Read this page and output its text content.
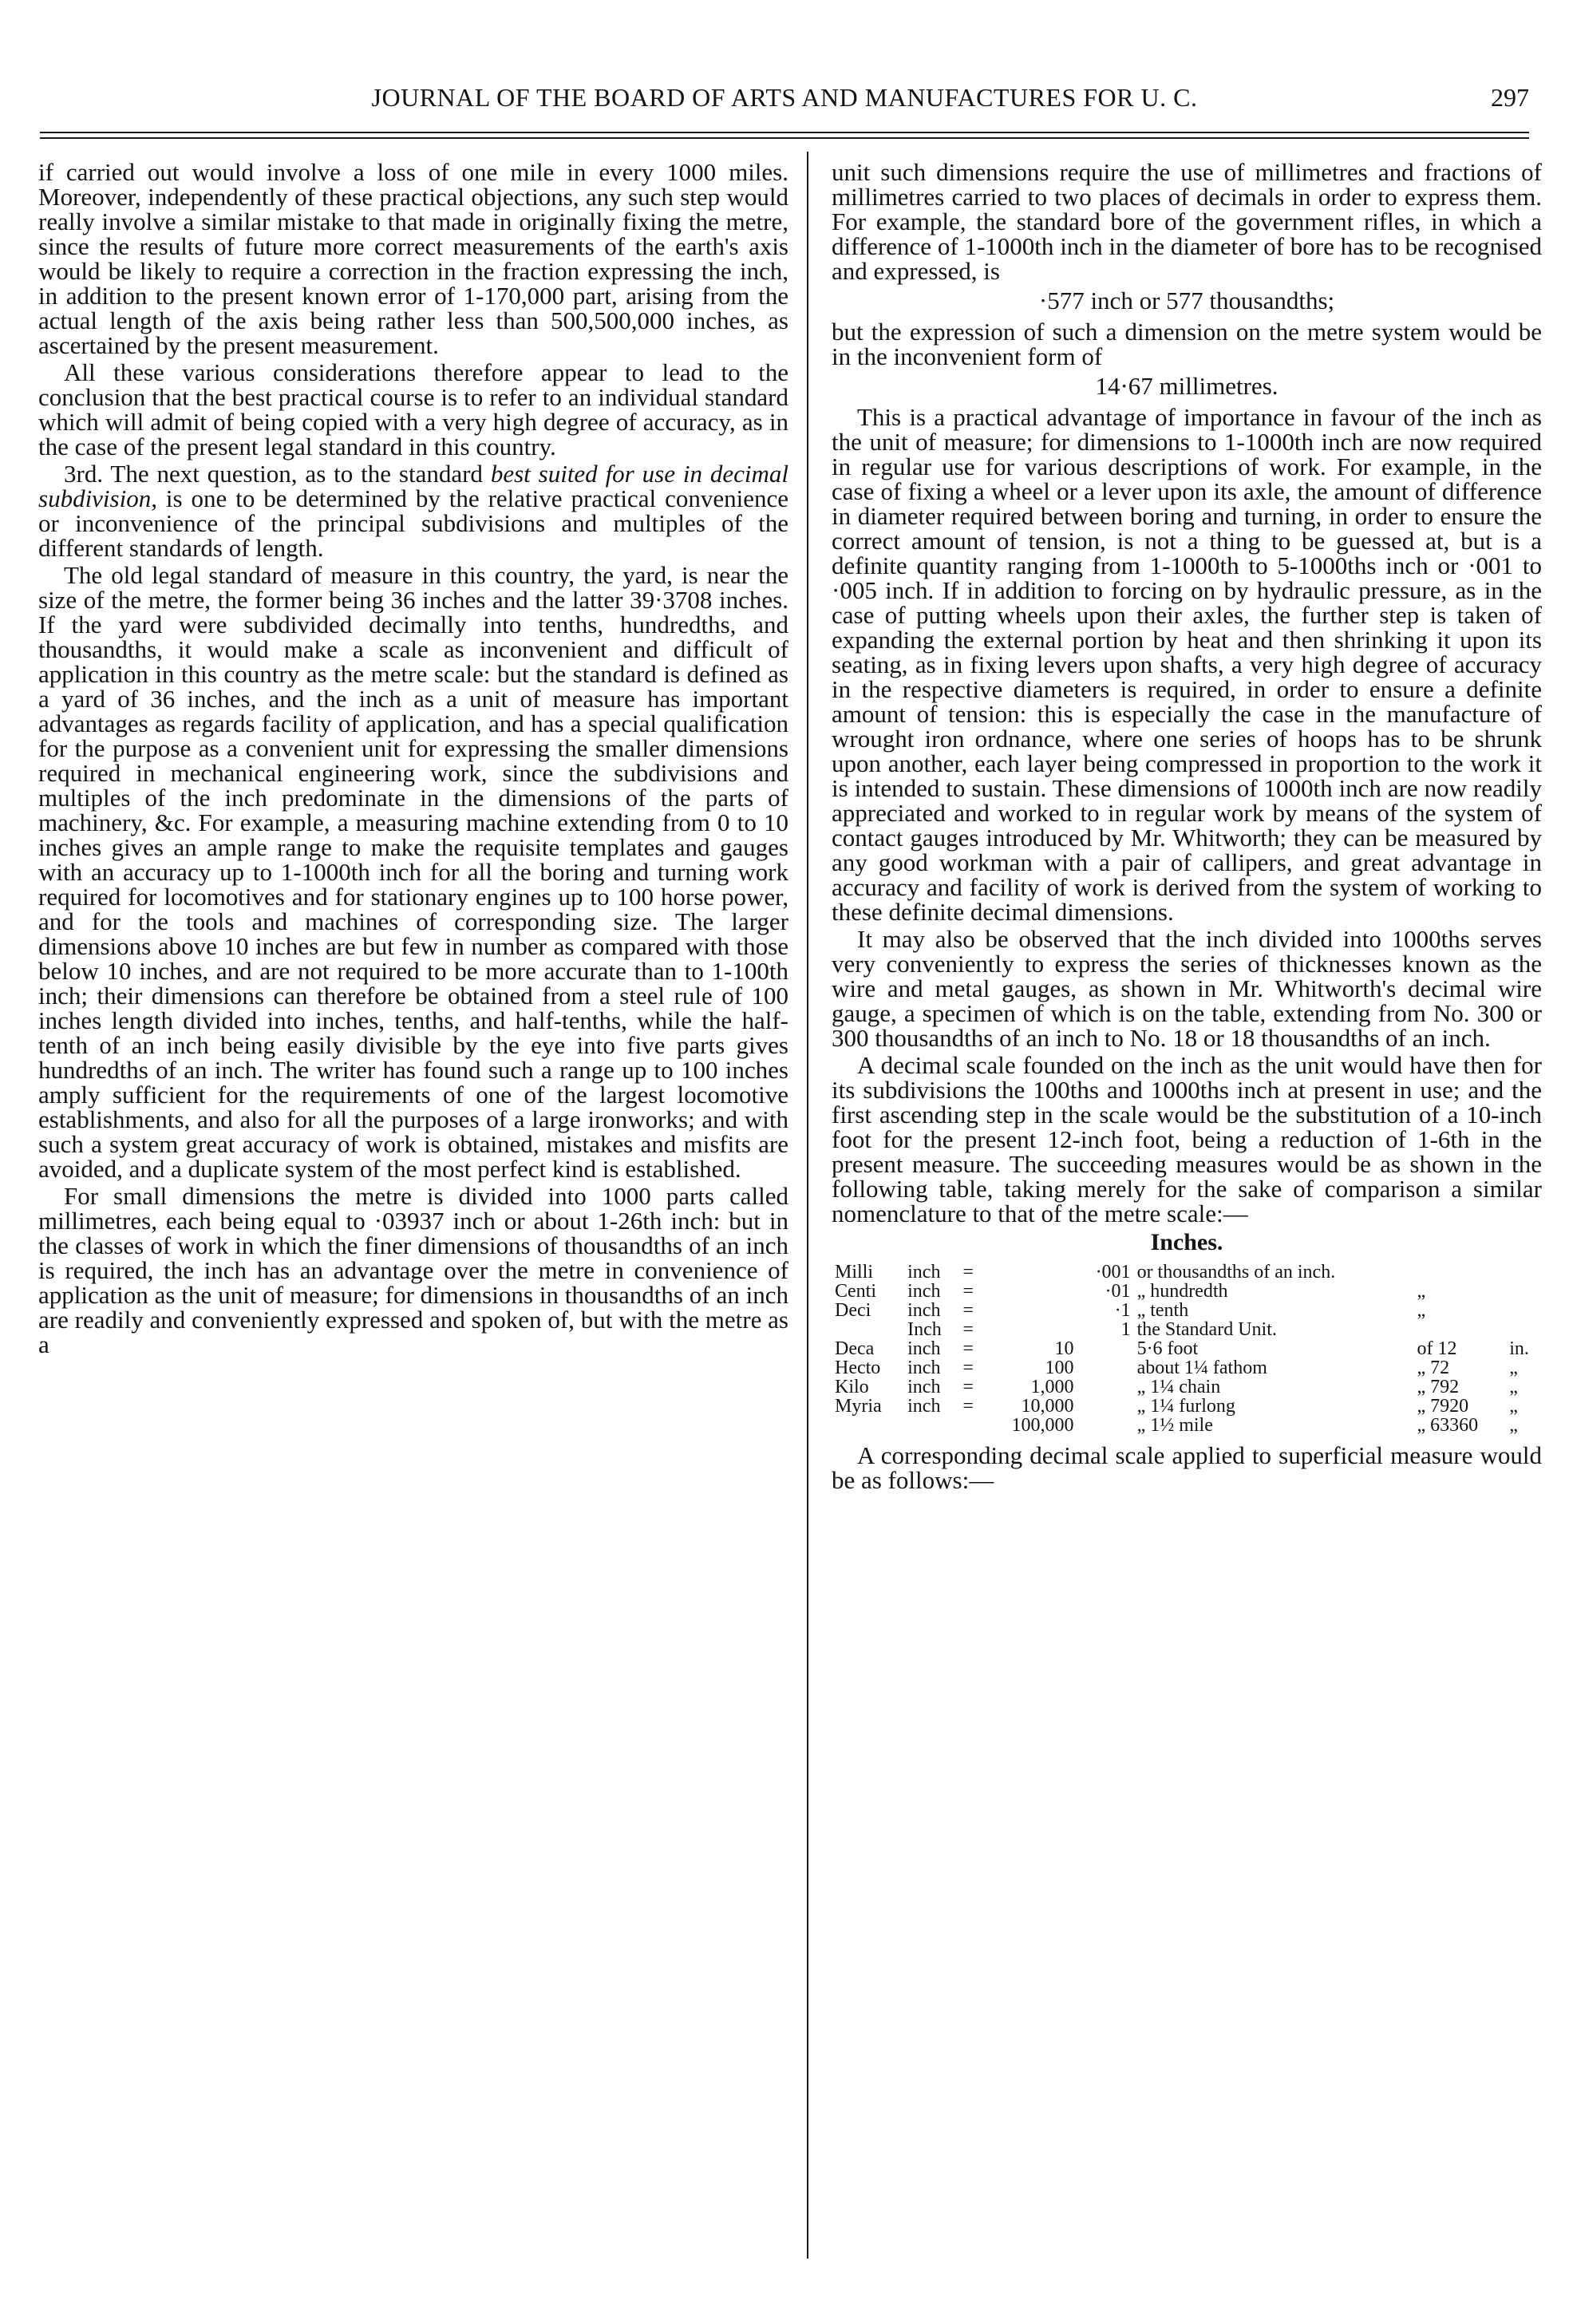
JOURNAL OF THE BOARD OF ARTS AND MANUFACTURES FOR U. C.	297

if carried out would involve a loss of one mile in every 1000 miles. Moreover, independently of these practical objections, any such step would really involve a similar mistake to that made in originally fixing the metre, since the results of future more correct measurements of the earth's axis would be likely to require a correction in the fraction expressing the inch, in addition to the present known error of 1-170,000 part, arising from the actual length of the axis being rather less than 500,500,000 inches, as ascertained by the present measurement.

All these various considerations therefore appear to lead to the conclusion that the best practical course is to refer to an individual standard which will admit of being copied with a very high degree of accuracy, as in the case of the present legal standard in this country.

3rd. The next question, as to the standard best suited for use in decimal subdivision, is one to be determined by the relative practical convenience or inconvenience of the principal subdivisions and multiples of the different standards of length.

The old legal standard of measure in this country, the yard, is near the size of the metre, the former being 36 inches and the latter 39·3708 inches. If the yard were subdivided decimally into tenths, hundredths, and thousandths, it would make a scale as inconvenient and difficult of application in this country as the metre scale: but the standard is defined as a yard of 36 inches, and the inch as a unit of measure has important advantages as regards facility of application, and has a special qualification for the purpose as a convenient unit for expressing the smaller dimensions required in mechanical engineering work, since the subdivisions and multiples of the inch predominate in the dimensions of the parts of machinery, &c. For example, a measuring machine extending from 0 to 10 inches gives an ample range to make the requisite templates and gauges with an accuracy up to 1-1000th inch for all the boring and turning work required for locomotives and for stationary engines up to 100 horse power, and for the tools and machines of corresponding size. The larger dimensions above 10 inches are but few in number as compared with those below 10 inches, and are not required to be more accurate than to 1-100th inch; their dimensions can therefore be obtained from a steel rule of 100 inches length divided into inches, tenths, and half-tenths, while the half-tenth of an inch being easily divisible by the eye into five parts gives hundredths of an inch. The writer has found such a range up to 100 inches amply sufficient for the requirements of one of the largest locomotive establishments, and also for all the purposes of a large ironworks; and with such a system great accuracy of work is obtained, mistakes and misfits are avoided, and a duplicate system of the most perfect kind is established.

For small dimensions the metre is divided into 1000 parts called millimetres, each being equal to ·03937 inch or about 1-26th inch: but in the classes of work in which the finer dimensions of thousandths of an inch is required, the inch has an advantage over the metre in convenience of application as the unit of measure; for dimensions in thousandths of an inch are readily and conveniently expressed and spoken of, but with the metre as a

unit such dimensions require the use of millimetres and fractions of millimetres carried to two places of decimals in order to express them. For example, the standard bore of the government rifles, in which a difference of 1-1000th inch in the diameter of bore has to be recognised and expressed, is

·577 inch or 577 thousandths;

but the expression of such a dimension on the metre system would be in the inconvenient form of

14·67 millimetres.

This is a practical advantage of importance in favour of the inch as the unit of measure; for dimensions to 1-1000th inch are now required in regular use for various descriptions of work. For example, in the case of fixing a wheel or a lever upon its axle, the amount of difference in diameter required between boring and turning, in order to ensure the correct amount of tension, is not a thing to be guessed at, but is a definite quantity ranging from 1-1000th to 5-1000ths inch or ·001 to ·005 inch. If in addition to forcing on by hydraulic pressure, as in the case of putting wheels upon their axles, the further step is taken of expanding the external portion by heat and then shrinking it upon its seating, as in fixing levers upon shafts, a very high degree of accuracy in the respective diameters is required, in order to ensure a definite amount of tension: this is especially the case in the manufacture of wrought iron ordnance, where one series of hoops has to be shrunk upon another, each layer being compressed in proportion to the work it is intended to sustain. These dimensions of 1000th inch are now readily appreciated and worked to in regular work by means of the system of contact gauges introduced by Mr. Whitworth; they can be measured by any good workman with a pair of callipers, and great advantage in accuracy and facility of work is derived from the system of working to these definite decimal dimensions.

It may also be observed that the inch divided into 1000ths serves very conveniently to express the series of thicknesses known as the wire and metal gauges, as shown in Mr. Whitworth's decimal wire gauge, a specimen of which is on the table, extending from No. 300 or 300 thousandths of an inch to No. 18 or 18 thousandths of an inch.

A decimal scale founded on the inch as the unit would have then for its subdivisions the 100ths and 1000ths inch at present in use; and the first ascending step in the scale would be the substitution of a 10-inch foot for the present 12-inch foot, being a reduction of 1-6th in the present measure. The succeeding measures would be as shown in the following table, taking merely for the sake of comparison a similar nomenclature to that of the metre scale:—

Inches.
Milli	inch	=		·001	or thousandths of an inch.		
Centi	inch	=		·01	„ hundredth	„	
Deci	inch	=		·1	„ tenth	„	
	Inch	=		1	the Standard Unit.		
Deca	inch	=	10		5·6 foot	of 12	in.
Hecto	inch	=	100		about 1¼ fathom	„ 72	„
Kilo	inch	=	1,000		„ 1¼ chain	„ 792	„
Myria	inch	=	10,000		„ 1¼ furlong	„ 7920	„
			100,000		„ 1½ mile	„ 63360	„

A corresponding decimal scale applied to superficial measure would be as follows:—
